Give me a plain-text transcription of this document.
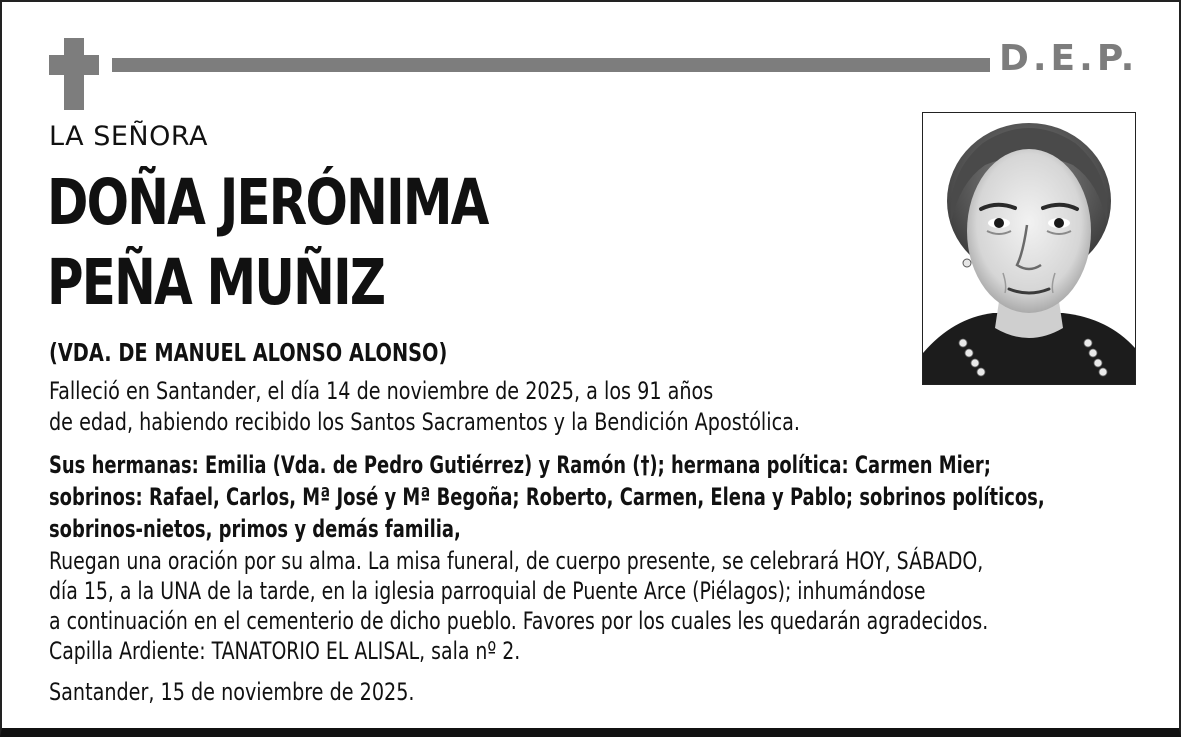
D.E.P.
LA SEÑORA
DOÑA JERÓNIMA
PEÑA MUÑIZ
(VDA. DE MANUEL ALONSO ALONSO)
Falleció en Santander, el día 14 de noviembre de 2025, a los 91 años
de edad, habiendo recibido los Santos Sacramentos y la Bendición Apostólica.
Sus hermanas: Emilia (Vda. de Pedro Gutiérrez) y Ramón (†); hermana política: Carmen Mier;
sobrinos: Rafael, Carlos, Mª José y Mª Begoña; Roberto, Carmen, Elena y Pablo; sobrinos políticos,
sobrinos-nietos, primos y demás familia,
Ruegan una oración por su alma. La misa funeral, de cuerpo presente, se celebrará HOY, SÁBADO,
día 15, a la UNA de la tarde, en la iglesia parroquial de Puente Arce (Piélagos); inhumándose
a continuación en el cementerio de dicho pueblo. Favores por los cuales les quedarán agradecidos.
Capilla Ardiente: TANATORIO EL ALISAL, sala nº 2.
Santander, 15 de noviembre de 2025.
